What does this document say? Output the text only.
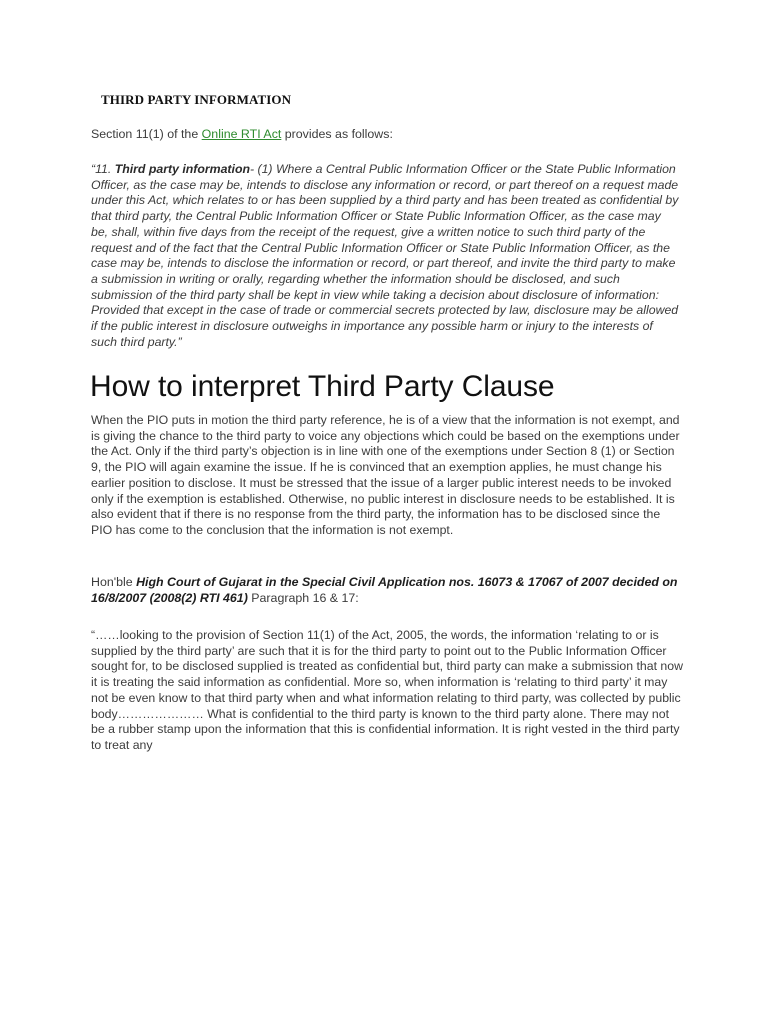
THIRD PARTY INFORMATION

Section 11(1) of the Online RTI Act provides as follows:

“11. Third party information- (1) Where a Central Public Information Officer or the State Public Information Officer, as the case may be, intends to disclose any information or record, or part thereof on a request made under this Act, which relates to or has been supplied by a third party and has been treated as confidential by that third party, the Central Public Information Officer or State Public Information Officer, as the case may be, shall, within five days from the receipt of the request, give a written notice to such third party of the request and of the fact that the Central Public Information Officer or State Public Information Officer, as the case may be, intends to disclose the information or record, or part thereof, and invite the third party to make a submission in writing or orally, regarding whether the information should be disclosed, and such submission of the third party shall be kept in view while taking a decision about disclosure of information: Provided that except in the case of trade or commercial secrets protected by law, disclosure may be allowed if the public interest in disclosure outweighs in importance any possible harm or injury to the interests of such third party.”

How to interpret Third Party Clause

When the PIO puts in motion the third party reference, he is of a view that the information is not exempt, and is giving the chance to the third party to voice any objections which could be based on the exemptions under the Act. Only if the third party’s objection is in line with one of the exemptions under Section 8 (1) or Section 9, the PIO will again examine the issue. If he is convinced that an exemption applies, he must change his earlier position to disclose. It must be stressed that the issue of a larger public interest needs to be invoked only if the exemption is established. Otherwise, no public interest in disclosure needs to be established. It is also evident that if there is no response from the third party, the information has to be disclosed since the PIO has come to the conclusion that the information is not exempt.

Hon'ble High Court of Gujarat in the Special Civil Application nos. 16073 & 17067 of 2007 decided on 16/8/2007 (2008(2) RTI 461) Paragraph 16 & 17:

“……looking to the provision of Section 11(1) of the Act, 2005, the words, the information ‘relating to or is supplied by the third party’ are such that it is for the third party to point out to the Public Information Officer sought for, to be disclosed supplied is treated as confidential but, third party can make a submission that now it is treating the said information as confidential. More so, when information is ‘relating to third party’ it may not be even know to that third party when and what information relating to third party, was collected by public body………………… What is confidential to the third party is known to the third party alone. There may not be a rubber stamp upon the information that this is confidential information. It is right vested in the third party to treat any
